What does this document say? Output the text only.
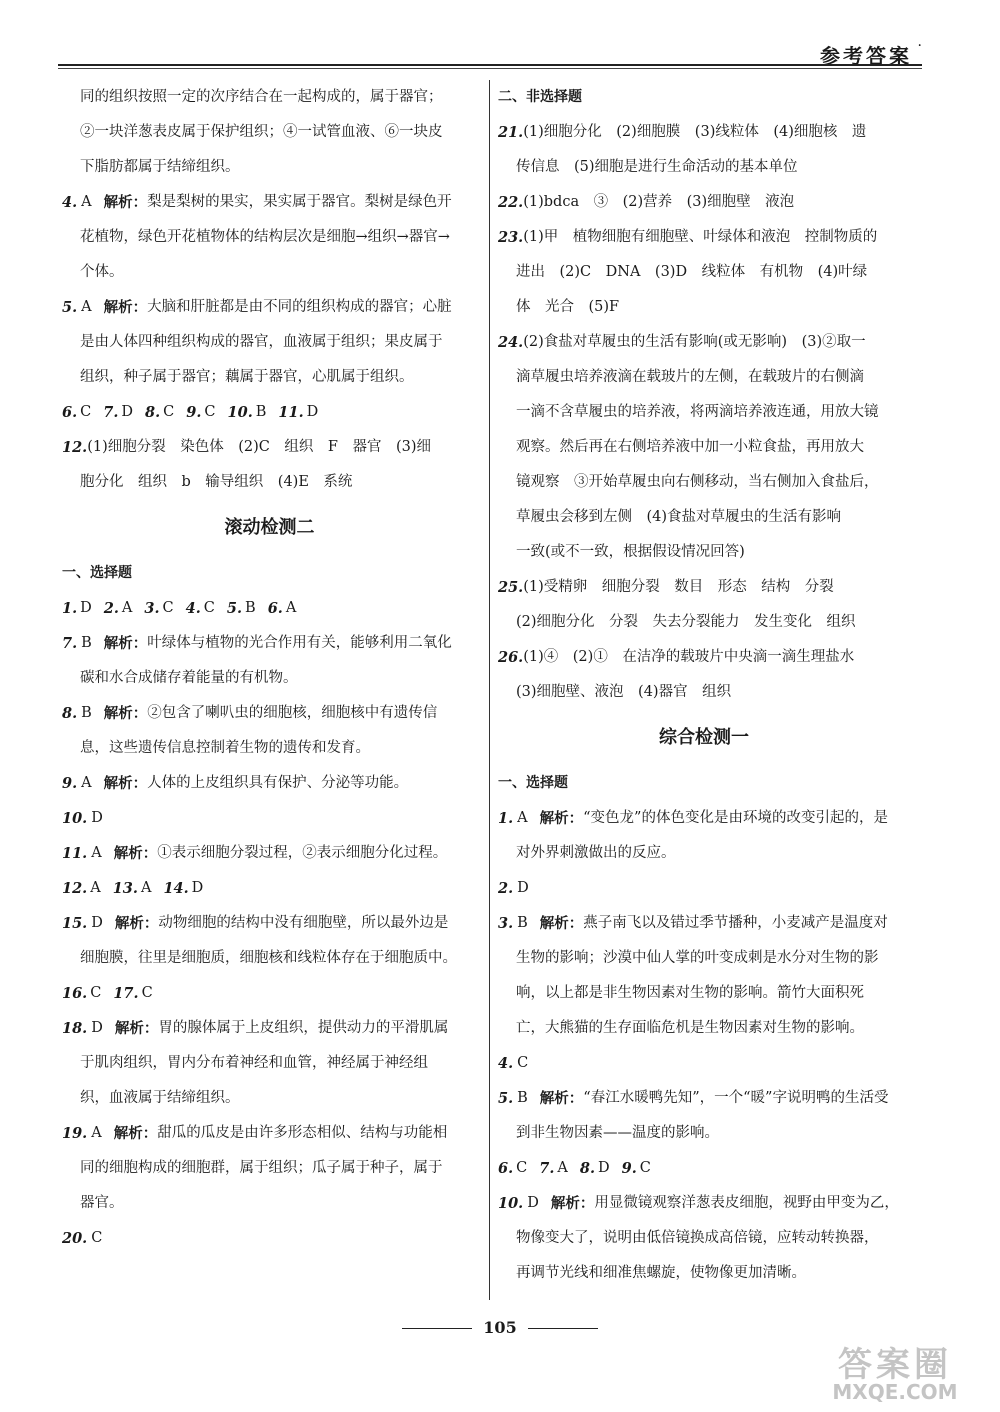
参考答案 ·
同的组织按照一定的次序结合在一起构成的，属于器官；
②一块洋葱表皮属于保护组织；④一试管血液、⑥一块皮
下脂肪都属于结缔组织。
4. A 解析： 梨是梨树的果实，果实属于器官。梨树是绿色开
花植物，绿色开花植物体的结构层次是细胞→组织→器官→
个体。
5. A 解析： 大脑和肝脏都是由不同的组织构成的器官；心脏
是由人体四种组织构成的器官，血液属于组织；果皮属于
组织，种子属于器官；藕属于器官，心肌属于组织。
6. C 7. D 8. C 9. C 10. B 11. D
12. (1)细胞分裂　染色体　(2)C　组织　F　器官　(3)细
胞分化　组织　b　输导组织　(4)E　系统
滚动检测二
一、选择题
1. D 2. A 3. C 4. C 5. B 6. A
7. B 解析： 叶绿体与植物的光合作用有关，能够利用二氧化
碳和水合成储存着能量的有机物。
8. B 解析： ②包含了喇叭虫的细胞核，细胞核中有遗传信
息，这些遗传信息控制着生物的遗传和发育。
9. A 解析： 人体的上皮组织具有保护、分泌等功能。
10. D
11. A 解析： ①表示细胞分裂过程，②表示细胞分化过程。
12. A 13. A 14. D
15. D 解析： 动物细胞的结构中没有细胞壁，所以最外边是
细胞膜，往里是细胞质，细胞核和线粒体存在于细胞质中。
16. C 17. C
18. D 解析： 胃的腺体属于上皮组织，提供动力的平滑肌属
于肌肉组织，胃内分布着神经和血管，神经属于神经组
织，血液属于结缔组织。
19. A 解析： 甜瓜的瓜皮是由许多形态相似、结构与功能相
同的细胞构成的细胞群，属于组织；瓜子属于种子，属于
器官。
20. C
二、非选择题
21. (1)细胞分化　(2)细胞膜　(3)线粒体　(4)细胞核　遗
传信息　(5)细胞是进行生命活动的基本单位
22. (1)bdca　③　(2)营养　(3)细胞壁　液泡
23. (1)甲　植物细胞有细胞壁、叶绿体和液泡　控制物质的
进出　(2)C　DNA　(3)D　线粒体　有机物　(4)叶绿
体　光合　(5)F
24. (2)食盐对草履虫的生活有影响(或无影响)　(3)②取一
滴草履虫培养液滴在载玻片的左侧，在载玻片的右侧滴
一滴不含草履虫的培养液，将两滴培养液连通，用放大镜
观察。然后再在右侧培养液中加一小粒食盐，再用放大
镜观察　③开始草履虫向右侧移动，当右侧加入食盐后，
草履虫会移到左侧　(4)食盐对草履虫的生活有影响
一致(或不一致，根据假设情况回答)
25. (1)受精卵　细胞分裂　数目　形态　结构　分裂
(2)细胞分化　分裂　失去分裂能力　发生变化　组织
26. (1)④　(2)①　在洁净的载玻片中央滴一滴生理盐水
(3)细胞壁、液泡　(4)器官　组织
综合检测一
一、选择题
1. A 解析： “变色龙”的体色变化是由环境的改变引起的，是
对外界刺激做出的反应。
2. D
3. B 解析： 燕子南飞以及错过季节播种，小麦减产是温度对
生物的影响；沙漠中仙人掌的叶变成刺是水分对生物的影
响，以上都是非生物因素对生物的影响。箭竹大面积死
亡，大熊猫的生存面临危机是生物因素对生物的影响。
4. C
5. B 解析： “春江水暖鸭先知”，一个“暖”字说明鸭的生活受
到非生物因素——温度的影响。
6. C 7. A 8. D 9. C
10. D 解析： 用显微镜观察洋葱表皮细胞，视野由甲变为乙，
物像变大了，说明由低倍镜换成高倍镜，应转动转换器，
再调节光线和细准焦螺旋，使物像更加清晰。
105
答案圈
MXQE.COM
